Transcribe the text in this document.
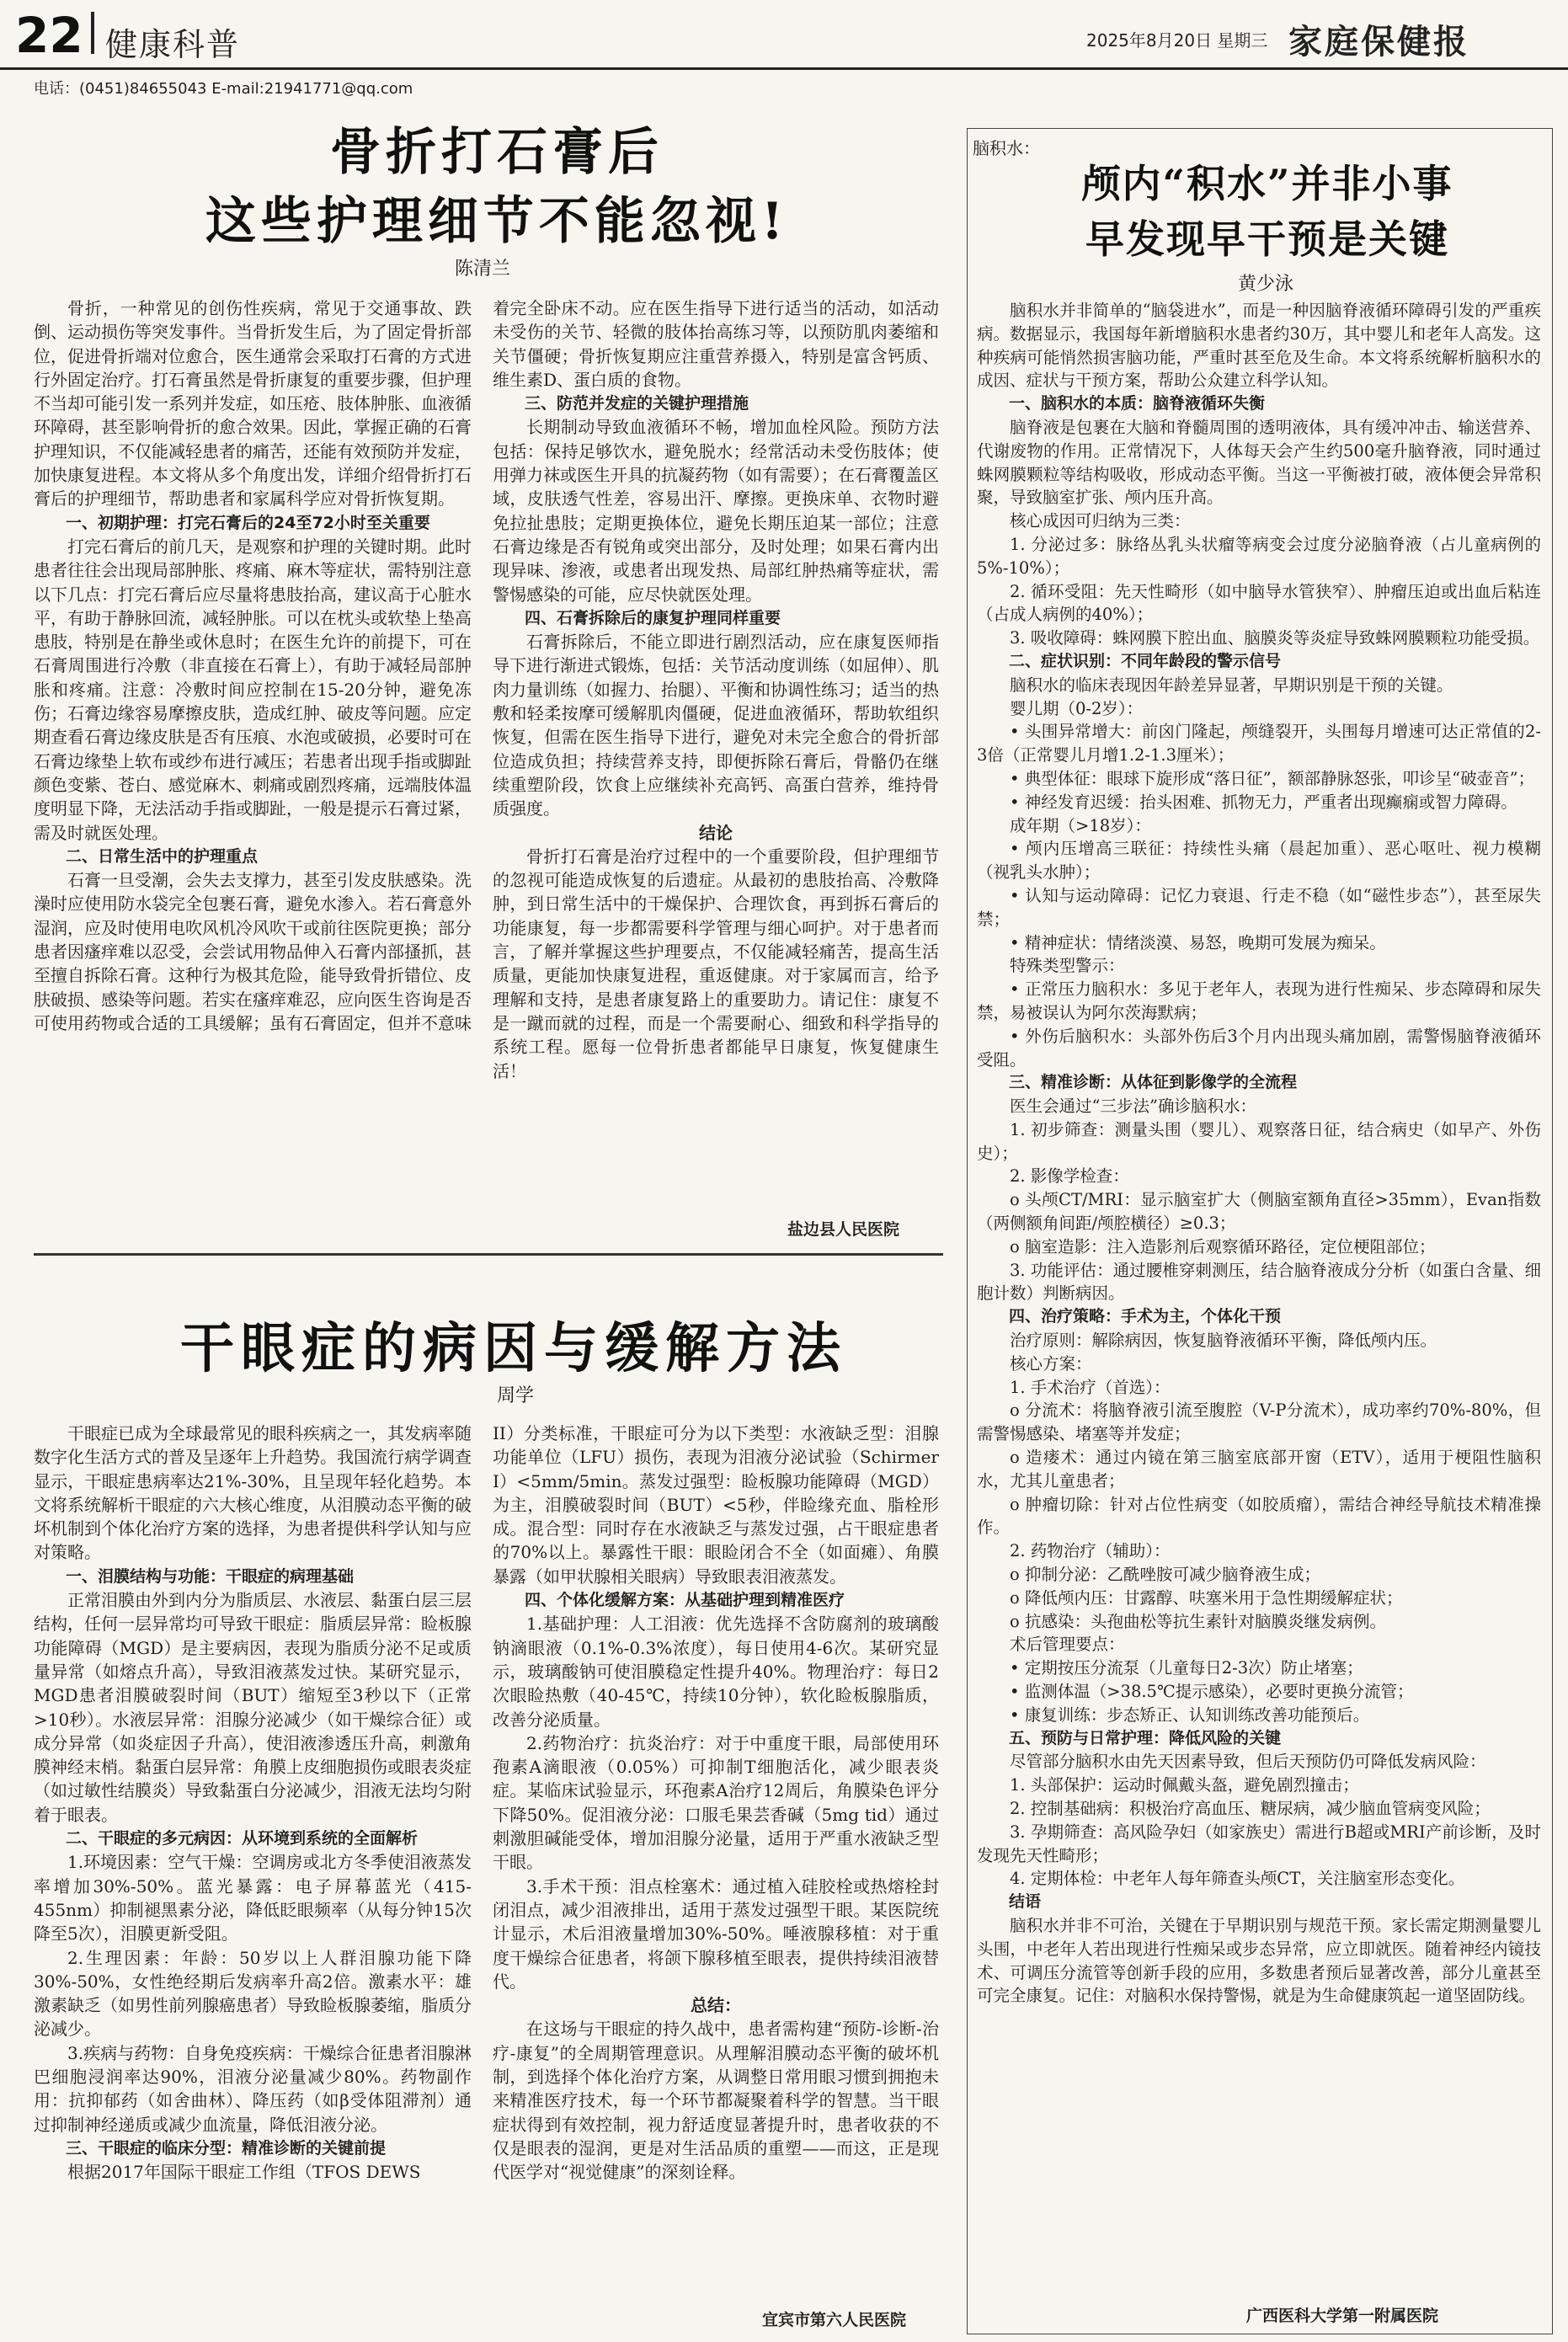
22 健康科普	2025年8月20日 星期三 家庭保健报
电话：(0451)84655043 E-mail:21941771@qq.com
骨折打石膏后
这些护理细节不能忽视!
陈清兰

骨折，一种常见的创伤性疾病，常见于交通事故、跌倒、运动损伤等突发事件。当骨折发生后，为了固定骨折部位，促进骨折端对位愈合，医生通常会采取打石膏的方式进行外固定治疗。打石膏虽然是骨折康复的重要步骤，但护理不当却可能引发一系列并发症，如压疮、肢体肿胀、血液循环障碍，甚至影响骨折的愈合效果。因此，掌握正确的石膏护理知识，不仅能减轻患者的痛苦，还能有效预防并发症，加快康复进程。本文将从多个角度出发，详细介绍骨折打石膏后的护理细节，帮助患者和家属科学应对骨折恢复期。

一、初期护理：打完石膏后的24至72小时至关重要

打完石膏后的前几天，是观察和护理的关键时期。此时患者往往会出现局部肿胀、疼痛、麻木等症状，需特别注意以下几点：打完石膏后应尽量将患肢抬高，建议高于心脏水平，有助于静脉回流，减轻肿胀。可以在枕头或软垫上垫高患肢，特别是在静坐或休息时；在医生允许的前提下，可在石膏周围进行冷敷（非直接在石膏上），有助于减轻局部肿胀和疼痛。注意：冷敷时间应控制在15-20分钟，避免冻伤；石膏边缘容易摩擦皮肤，造成红肿、破皮等问题。应定期查看石膏边缘皮肤是否有压痕、水泡或破损，必要时可在石膏边缘垫上软布或纱布进行减压；若患者出现手指或脚趾颜色变紫、苍白、感觉麻木、刺痛或剧烈疼痛，远端肢体温度明显下降，无法活动手指或脚趾，一般是提示石膏过紧，需及时就医处理。

二、日常生活中的护理重点

石膏一旦受潮，会失去支撑力，甚至引发皮肤感染。洗澡时应使用防水袋完全包裹石膏，避免水渗入。若石膏意外湿润，应及时使用电吹风机冷风吹干或前往医院更换；部分患者因瘙痒难以忍受，会尝试用物品伸入石膏内部搔抓，甚至擅自拆除石膏。这种行为极其危险，能导致骨折错位、皮肤破损、感染等问题。若实在瘙痒难忍，应向医生咨询是否可使用药物或合适的工具缓解；虽有石膏固定，但并不意味

着完全卧床不动。应在医生指导下进行适当的活动，如活动未受伤的关节、轻微的肢体抬高练习等，以预防肌肉萎缩和关节僵硬；骨折恢复期应注重营养摄入，特别是富含钙质、维生素D、蛋白质的食物。

三、防范并发症的关键护理措施

长期制动导致血液循环不畅，增加血栓风险。预防方法包括：保持足够饮水，避免脱水；经常活动未受伤肢体；使用弹力袜或医生开具的抗凝药物（如有需要）；在石膏覆盖区域，皮肤透气性差，容易出汗、摩擦。更换床单、衣物时避免拉扯患肢；定期更换体位，避免长期压迫某一部位；注意石膏边缘是否有锐角或突出部分，及时处理；如果石膏内出现异味、渗液，或患者出现发热、局部红肿热痛等症状，需警惕感染的可能，应尽快就医处理。

四、石膏拆除后的康复护理同样重要

石膏拆除后，不能立即进行剧烈活动，应在康复医师指导下进行渐进式锻炼，包括：关节活动度训练（如屈伸）、肌肉力量训练（如握力、抬腿）、平衡和协调性练习；适当的热敷和轻柔按摩可缓解肌肉僵硬，促进血液循环，帮助软组织恢复，但需在医生指导下进行，避免对未完全愈合的骨折部位造成负担；持续营养支持，即便拆除石膏后，骨骼仍在继续重塑阶段，饮食上应继续补充高钙、高蛋白营养，维持骨质强度。

结论

骨折打石膏是治疗过程中的一个重要阶段，但护理细节的忽视可能造成恢复的后遗症。从最初的患肢抬高、冷敷降肿，到日常生活中的干燥保护、合理饮食，再到拆石膏后的功能康复，每一步都需要科学管理与细心呵护。对于患者而言，了解并掌握这些护理要点，不仅能减轻痛苦，提高生活质量，更能加快康复进程，重返健康。对于家属而言，给予理解和支持，是患者康复路上的重要助力。请记住：康复不是一蹴而就的过程，而是一个需要耐心、细致和科学指导的系统工程。愿每一位骨折患者都能早日康复，恢复健康生活！

盐边县人民医院
干眼症的病因与缓解方法
周学

干眼症已成为全球最常见的眼科疾病之一，其发病率随数字化生活方式的普及呈逐年上升趋势。我国流行病学调查显示，干眼症患病率达21%-30%，且呈现年轻化趋势。本文将系统解析干眼症的六大核心维度，从泪膜动态平衡的破坏机制到个体化治疗方案的选择，为患者提供科学认知与应对策略。

一、泪膜结构与功能：干眼症的病理基础

正常泪膜由外到内分为脂质层、水液层、黏蛋白层三层结构，任何一层异常均可导致干眼症：脂质层异常：睑板腺功能障碍（MGD）是主要病因，表现为脂质分泌不足或质量异常（如熔点升高），导致泪液蒸发过快。某研究显示，MGD患者泪膜破裂时间（BUT）缩短至3秒以下（正常>10秒）。水液层异常：泪腺分泌减少（如干燥综合征）或成分异常（如炎症因子升高），使泪液渗透压升高，刺激角膜神经末梢。黏蛋白层异常：角膜上皮细胞损伤或眼表炎症（如过敏性结膜炎）导致黏蛋白分泌减少，泪液无法均匀附着于眼表。

二、干眼症的多元病因：从环境到系统的全面解析

1.环境因素：空气干燥：空调房或北方冬季使泪液蒸发率增加30%-50%。蓝光暴露：电子屏幕蓝光（415-455nm）抑制褪黑素分泌，降低眨眼频率（从每分钟15次降至5次），泪膜更新受阻。

2.生理因素：年龄：50岁以上人群泪腺功能下降30%-50%，女性绝经期后发病率升高2倍。激素水平：雄激素缺乏（如男性前列腺癌患者）导致睑板腺萎缩，脂质分泌减少。

3.疾病与药物：自身免疫疾病：干燥综合征患者泪腺淋巴细胞浸润率达90%，泪液分泌量减少80%。药物副作用：抗抑郁药（如舍曲林）、降压药（如β受体阻滞剂）通过抑制神经递质或减少血流量，降低泪液分泌。

三、干眼症的临床分型：精准诊断的关键前提

根据2017年国际干眼症工作组（TFOS DEWS

II）分类标准，干眼症可分为以下类型：水液缺乏型：泪腺功能单位（LFU）损伤，表现为泪液分泌试验（Schirmer I）<5mm/5min。蒸发过强型：睑板腺功能障碍（MGD）为主，泪膜破裂时间（BUT）<5秒，伴睑缘充血、脂栓形成。混合型：同时存在水液缺乏与蒸发过强，占干眼症患者的70%以上。暴露性干眼：眼睑闭合不全（如面瘫）、角膜暴露（如甲状腺相关眼病）导致眼表泪液蒸发。

四、个体化缓解方案：从基础护理到精准医疗

1.基础护理：人工泪液：优先选择不含防腐剂的玻璃酸钠滴眼液（0.1%-0.3%浓度），每日使用4-6次。某研究显示，玻璃酸钠可使泪膜稳定性提升40%。物理治疗：每日2次眼睑热敷（40-45℃，持续10分钟），软化睑板腺脂质，改善分泌质量。

2.药物治疗：抗炎治疗：对于中重度干眼，局部使用环孢素A滴眼液（0.05%）可抑制T细胞活化，减少眼表炎症。某临床试验显示，环孢素A治疗12周后，角膜染色评分下降50%。促泪液分泌：口服毛果芸香碱（5mg tid）通过刺激胆碱能受体，增加泪腺分泌量，适用于严重水液缺乏型干眼。

3.手术干预：泪点栓塞术：通过植入硅胶栓或热熔栓封闭泪点，减少泪液排出，适用于蒸发过强型干眼。某医院统计显示，术后泪液量增加30%-50%。唾液腺移植：对于重度干燥综合征患者，将颌下腺移植至眼表，提供持续泪液替代。

总结：

在这场与干眼症的持久战中，患者需构建“预防-诊断-治疗-康复”的全周期管理意识。从理解泪膜动态平衡的破坏机制，到选择个体化治疗方案，从调整日常用眼习惯到拥抱未来精准医疗技术，每一个环节都凝聚着科学的智慧。当干眼症状得到有效控制，视力舒适度显著提升时，患者收获的不仅是眼表的湿润，更是对生活品质的重塑——而这，正是现代医学对“视觉健康”的深刻诠释。

宜宾市第六人民医院
脑积水：
颅内“积水”并非小事
早发现早干预是关键
黄少泳

脑积水并非简单的“脑袋进水”，而是一种因脑脊液循环障碍引发的严重疾病。数据显示，我国每年新增脑积水患者约30万，其中婴儿和老年人高发。这种疾病可能悄然损害脑功能，严重时甚至危及生命。本文将系统解析脑积水的成因、症状与干预方案，帮助公众建立科学认知。

一、脑积水的本质：脑脊液循环失衡

脑脊液是包裹在大脑和脊髓周围的透明液体，具有缓冲冲击、输送营养、代谢废物的作用。正常情况下，人体每天会产生约500毫升脑脊液，同时通过蛛网膜颗粒等结构吸收，形成动态平衡。当这一平衡被打破，液体便会异常积聚，导致脑室扩张、颅内压升高。

核心成因可归纳为三类：

1. 分泌过多：脉络丛乳头状瘤等病变会过度分泌脑脊液（占儿童病例的5%-10%）；

2. 循环受阻：先天性畸形（如中脑导水管狭窄）、肿瘤压迫或出血后粘连（占成人病例的40%）；

3. 吸收障碍：蛛网膜下腔出血、脑膜炎等炎症导致蛛网膜颗粒功能受损。

二、症状识别：不同年龄段的警示信号

脑积水的临床表现因年龄差异显著，早期识别是干预的关键。

婴儿期（0-2岁）：

• 头围异常增大：前囟门隆起，颅缝裂开，头围每月增速可达正常值的2-3倍（正常婴儿月增1.2-1.3厘米）；

• 典型体征：眼球下旋形成“落日征”，额部静脉怒张，叩诊呈“破壶音”；

• 神经发育迟缓：抬头困难、抓物无力，严重者出现癫痫或智力障碍。

成年期（>18岁）：

• 颅内压增高三联征：持续性头痛（晨起加重）、恶心呕吐、视力模糊（视乳头水肿）；

• 认知与运动障碍：记忆力衰退、行走不稳（如“磁性步态”），甚至尿失禁；

• 精神症状：情绪淡漠、易怒，晚期可发展为痴呆。

特殊类型警示：

• 正常压力脑积水：多见于老年人，表现为进行性痴呆、步态障碍和尿失禁，易被误认为阿尔茨海默病；

• 外伤后脑积水：头部外伤后3个月内出现头痛加剧，需警惕脑脊液循环受阻。

三、精准诊断：从体征到影像学的全流程

医生会通过“三步法”确诊脑积水：

1. 初步筛查：测量头围（婴儿）、观察落日征，结合病史（如早产、外伤史）；

2. 影像学检查：

o 头颅CT/MRI：显示脑室扩大（侧脑室额角直径>35mm），Evan指数（两侧额角间距/颅腔横径）≥0.3；

o 脑室造影：注入造影剂后观察循环路径，定位梗阻部位；

3. 功能评估：通过腰椎穿刺测压，结合脑脊液成分分析（如蛋白含量、细胞计数）判断病因。

四、治疗策略：手术为主，个体化干预

治疗原则：解除病因，恢复脑脊液循环平衡，降低颅内压。

核心方案：

1. 手术治疗（首选）：

o 分流术：将脑脊液引流至腹腔（V-P分流术），成功率约70%-80%，但需警惕感染、堵塞等并发症；

o 造瘘术：通过内镜在第三脑室底部开窗（ETV），适用于梗阻性脑积水，尤其儿童患者；

o 肿瘤切除：针对占位性病变（如胶质瘤），需结合神经导航技术精准操作。

2. 药物治疗（辅助）：

o 抑制分泌：乙酰唑胺可减少脑脊液生成；

o 降低颅内压：甘露醇、呋塞米用于急性期缓解症状；

o 抗感染：头孢曲松等抗生素针对脑膜炎继发病例。

术后管理要点：

• 定期按压分流泵（儿童每日2-3次）防止堵塞；

• 监测体温（>38.5℃提示感染），必要时更换分流管；

• 康复训练：步态矫正、认知训练改善功能预后。

五、预防与日常护理：降低风险的关键

尽管部分脑积水由先天因素导致，但后天预防仍可降低发病风险：

1. 头部保护：运动时佩戴头盔，避免剧烈撞击；

2. 控制基础病：积极治疗高血压、糖尿病，减少脑血管病变风险；

3. 孕期筛查：高风险孕妇（如家族史）需进行B超或MRI产前诊断，及时发现先天性畸形；

4. 定期体检：中老年人每年筛查头颅CT，关注脑室形态变化。

结语

脑积水并非不可治，关键在于早期识别与规范干预。家长需定期测量婴儿头围，中老年人若出现进行性痴呆或步态异常，应立即就医。随着神经内镜技术、可调压分流管等创新手段的应用，多数患者预后显著改善，部分儿童甚至可完全康复。记住：对脑积水保持警惕，就是为生命健康筑起一道坚固防线。

广西医科大学第一附属医院
